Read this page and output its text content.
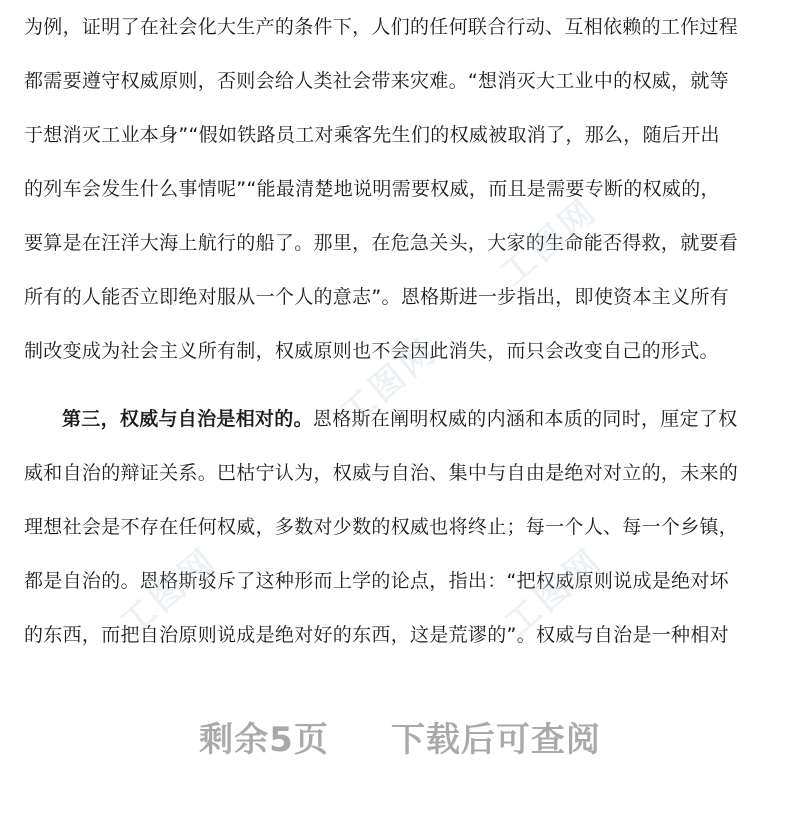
为例，证明了在社会化大生产的条件下，人们的任何联合行动、互相依赖的工作过程

都需要遵守权威原则，否则会给人类社会带来灾难。“想消灭大工业中的权威，就等

于想消灭工业本身”“假如铁路员工对乘客先生们的权威被取消了，那么，随后开出

的列车会发生什么事情呢”“能最清楚地说明需要权威，而且是需要专断的权威的，

要算是在汪洋大海上航行的船了。那里，在危急关头，大家的生命能否得救，就要看

所有的人能否立即绝对服从一个人的意志”。恩格斯进一步指出，即使资本主义所有

制改变成为社会主义所有制，权威原则也不会因此消失，而只会改变自己的形式。

第三，权威与自治是相对的。恩格斯在阐明权威的内涵和本质的同时，厘定了权

威和自治的辩证关系。巴枯宁认为，权威与自治、集中与自由是绝对对立的，未来的

理想社会是不存在任何权威，多数对少数的权威也将终止；每一个人、每一个乡镇，

都是自治的。恩格斯驳斥了这种形而上学的论点，指出：“把权威原则说成是绝对坏

的东西，而把自治原则说成是绝对好的东西，这是荒谬的”。权威与自治是一种相对

工图网
工图网
工图网	工图网
剩余5页 下载后可查阅
